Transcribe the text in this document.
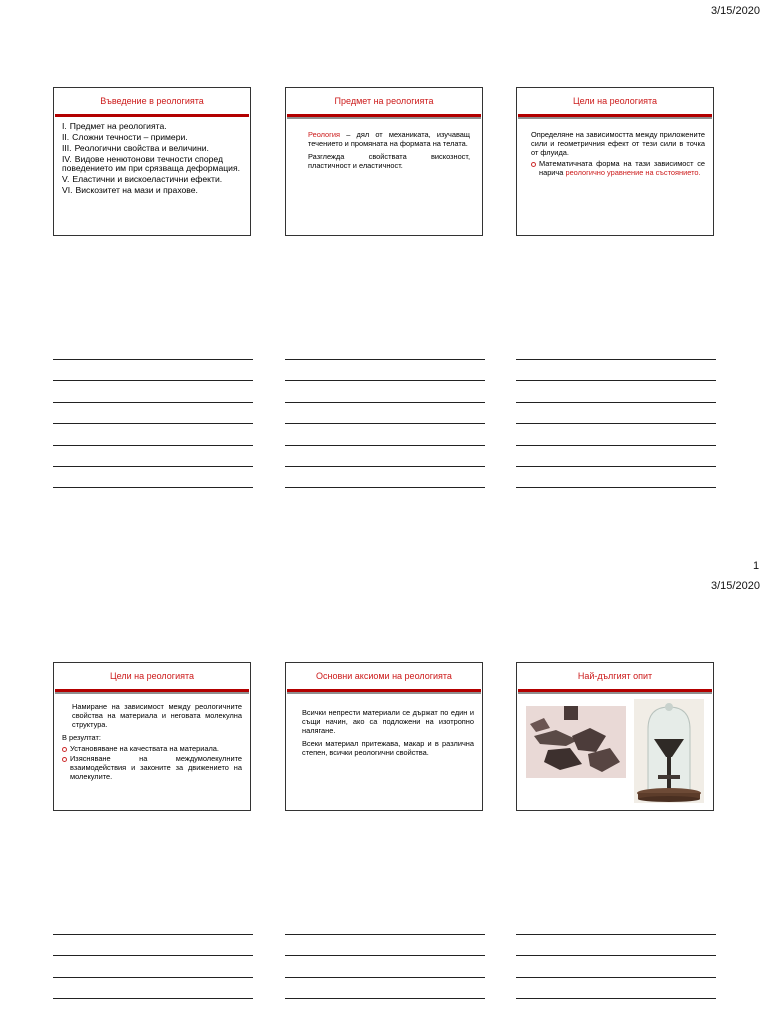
3/15/2020
Въведение в реологията
I. Предмет на реологията.
II. Сложни течности – примери.
III. Реологични свойства и величини.
IV. Видове ненютонови течности според поведението им при срязваща деформация.
V. Еластични и вискоеластични ефекти.
VI. Вискозитет на мази и прахове.
Предмет на реологията

Реология – дял от механиката, изучаващ течението и промяната на формата на телата.

Разглежда свойствата вискозност, пластичност и еластичност.

Цели на реологията

Определяне на зависимостта между приложените сили и геометричния ефект от тези сили в точка от флуида.

Математичната форма на тази зависимост се нарича реологично уравнение на състоянието.

1
3/15/2020
Цели на реологията

Намиране на зависимост между реологичните свойства на материала и неговата молекулна структура.

В резултат:

Установяване на качествата на материала.

Изясняване на междумолекулните взаимодействия и законите за движението на молекулите.

Основни аксиоми на реологията

Всички непрести материали се държат по един и същи начин, ако са подложени на изотропно налягане.

Всеки материал притежава, макар и в различна степен, всички реологични свойства.

Най-дългият опит
